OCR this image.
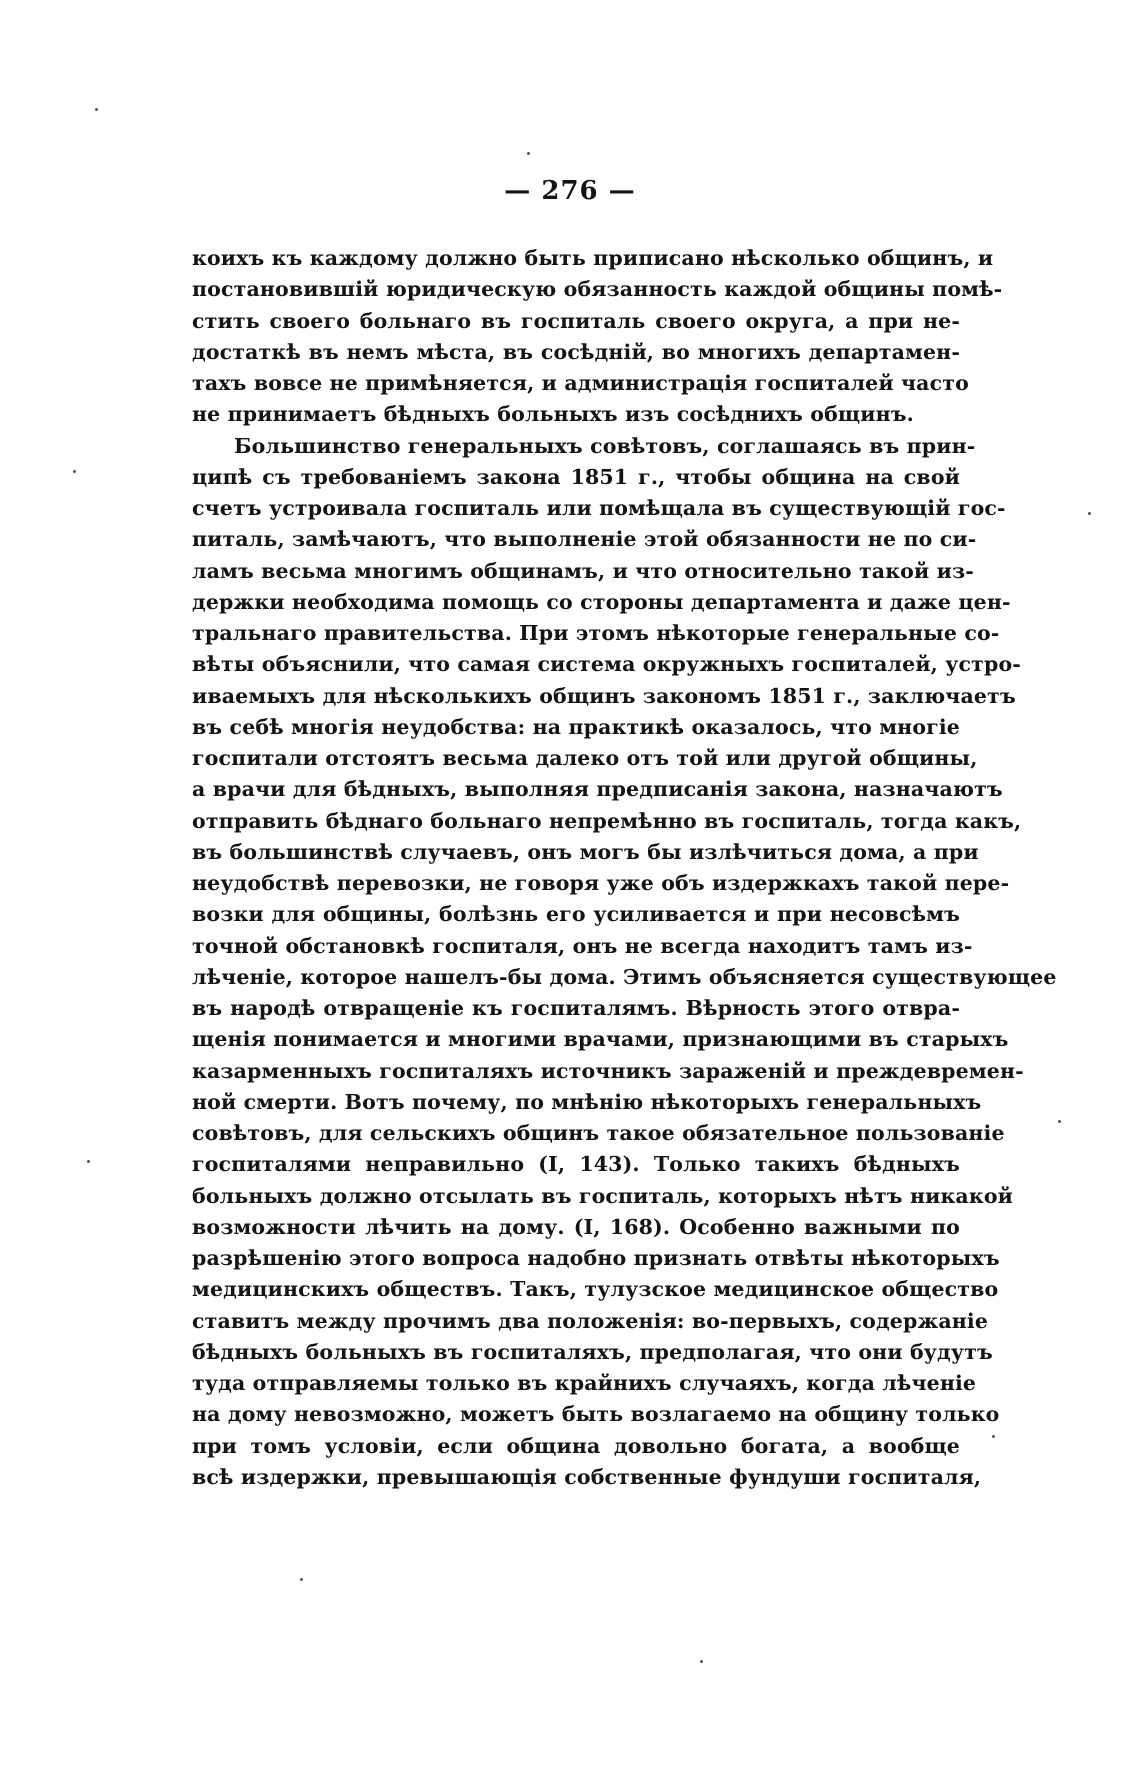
— 276 —
коихъ къ каждому должно быть приписано нѣсколько общинъ, и
постановившій юридическую обязанность каждой общины помѣ-
стить своего больнаго въ госпиталь своего округа, а при не-
достаткѣ въ немъ мѣста, въ сосѣдній, во многихъ департамен-
тахъ вовсе не примѣняется, и администрація госпиталей часто
не принимаетъ бѣдныхъ больныхъ изъ сосѣднихъ общинъ.
Большинство генеральныхъ совѣтовъ, соглашаясь въ прин-
ципѣ съ требованіемъ закона 1851 г., чтобы община на свой
счетъ устроивала госпиталь или помѣщала въ существующій гос-
питаль, замѣчаютъ, что выполненіе этой обязанности не по си-
ламъ весьма многимъ общинамъ, и что относительно такой из-
держки необходима помощь со стороны департамента и даже цен-
тральнаго правительства. При этомъ нѣкоторые генеральные со-
вѣты объяснили, что самая система окружныхъ госпиталей, устро-
иваемыхъ для нѣсколькихъ общинъ закономъ 1851 г., заключаетъ
въ себѣ многія неудобства: на практикѣ оказалось, что многіе
госпитали отстоятъ весьма далеко отъ той или другой общины,
а врачи для бѣдныхъ, выполняя предписанія закона, назначаютъ
отправить бѣднаго больнаго непремѣнно въ госпиталь, тогда какъ,
въ большинствѣ случаевъ, онъ могъ бы излѣчиться дома, а при
неудобствѣ перевозки, не говоря уже объ издержкахъ такой пере-
возки для общины, болѣзнь его усиливается и при несовсѣмъ
точной обстановкѣ госпиталя, онъ не всегда находитъ тамъ из-
лѣченіе, которое нашелъ-бы дома. Этимъ объясняется существующее
въ народѣ отвращеніе къ госпиталямъ. Вѣрность этого отвра-
щенія понимается и многими врачами, признающими въ старыхъ
казарменныхъ госпиталяхъ источникъ зараженій и преждевремен-
ной смерти. Вотъ почему, по мнѣнію нѣкоторыхъ генеральныхъ
совѣтовъ, для сельскихъ общинъ такое обязательное пользованіе
госпиталями неправильно (I, 143). Только такихъ бѣдныхъ
больныхъ должно отсылать въ госпиталь, которыхъ нѣтъ никакой
возможности лѣчить на дому. (I, 168). Особенно важными по
разрѣшенію этого вопроса надобно признать отвѣты нѣкоторыхъ
медицинскихъ обществъ. Такъ, тулузское медицинское общество
ставитъ между прочимъ два положенія: во-первыхъ, содержаніе
бѣдныхъ больныхъ въ госпиталяхъ, предполагая, что они будутъ
туда отправляемы только въ крайнихъ случаяхъ, когда лѣченіе
на дому невозможно, можетъ быть возлагаемо на общину только
при томъ условіи, если община довольно богата, а вообще
всѣ издержки, превышающія собственные фундуши госпиталя,
